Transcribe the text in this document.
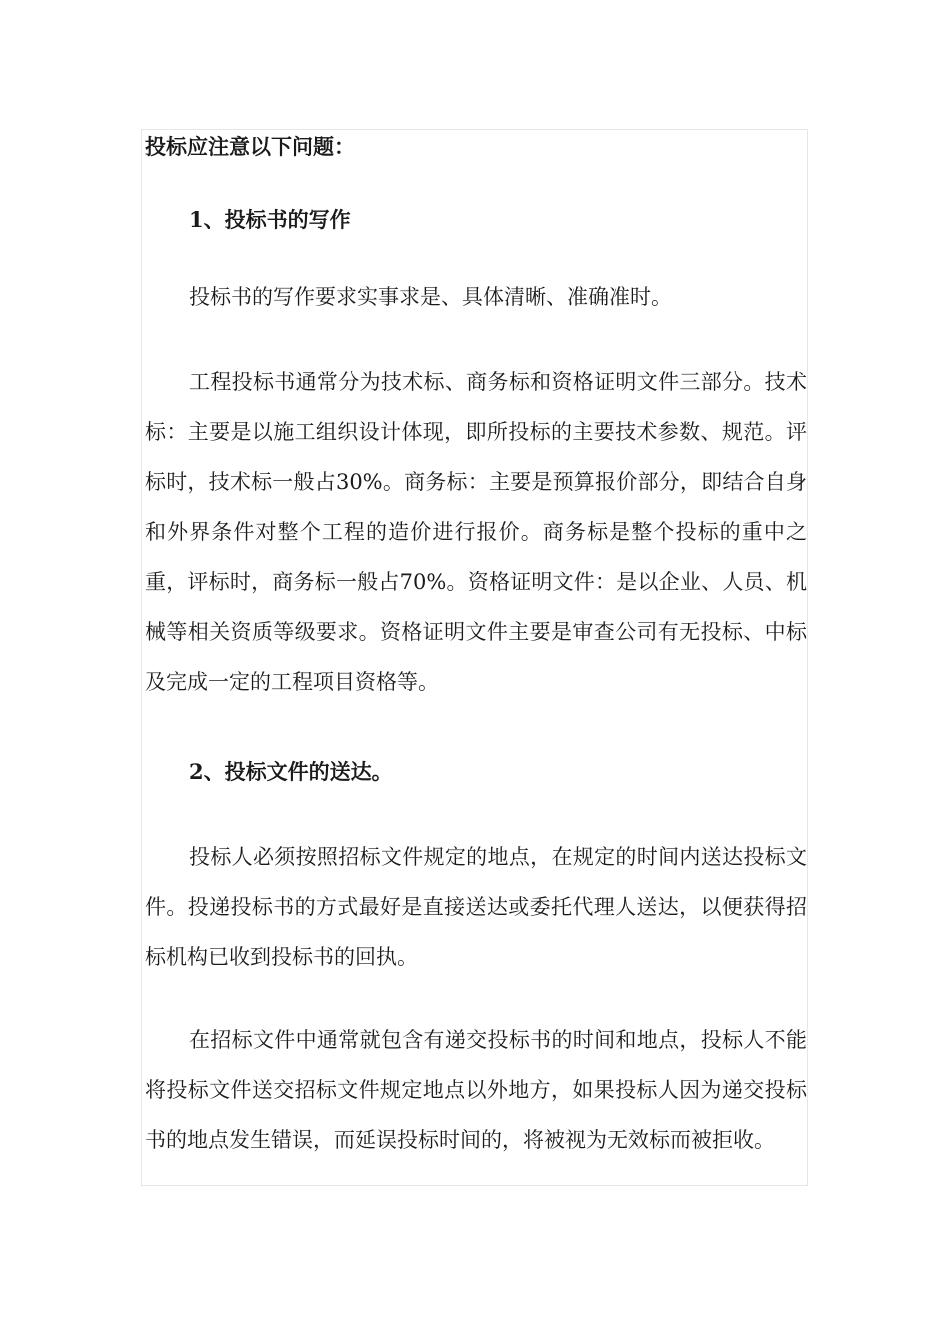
投标应注意以下问题：

1、投标书的写作

投标书的写作要求实事求是、具体清晰、准确准时。

工程投标书通常分为技术标、商务标和资格证明文件三部分。技术标：主要是以施工组织设计体现，即所投标的主要技术参数、规范。评标时，技术标一般占30%。商务标：主要是预算报价部分，即结合自身和外界条件对整个工程的造价进行报价。商务标是整个投标的重中之重，评标时，商务标一般占70%。资格证明文件：是以企业、人员、机械等相关资质等级要求。资格证明文件主要是审查公司有无投标、中标及完成一定的工程项目资格等。

2、投标文件的送达。

投标人必须按照招标文件规定的地点，在规定的时间内送达投标文件。投递投标书的方式最好是直接送达或委托代理人送达，以便获得招标机构已收到投标书的回执。

在招标文件中通常就包含有递交投标书的时间和地点，投标人不能将投标文件送交招标文件规定地点以外地方，如果投标人因为递交投标书的地点发生错误，而延误投标时间的，将被视为无效标而被拒收。
